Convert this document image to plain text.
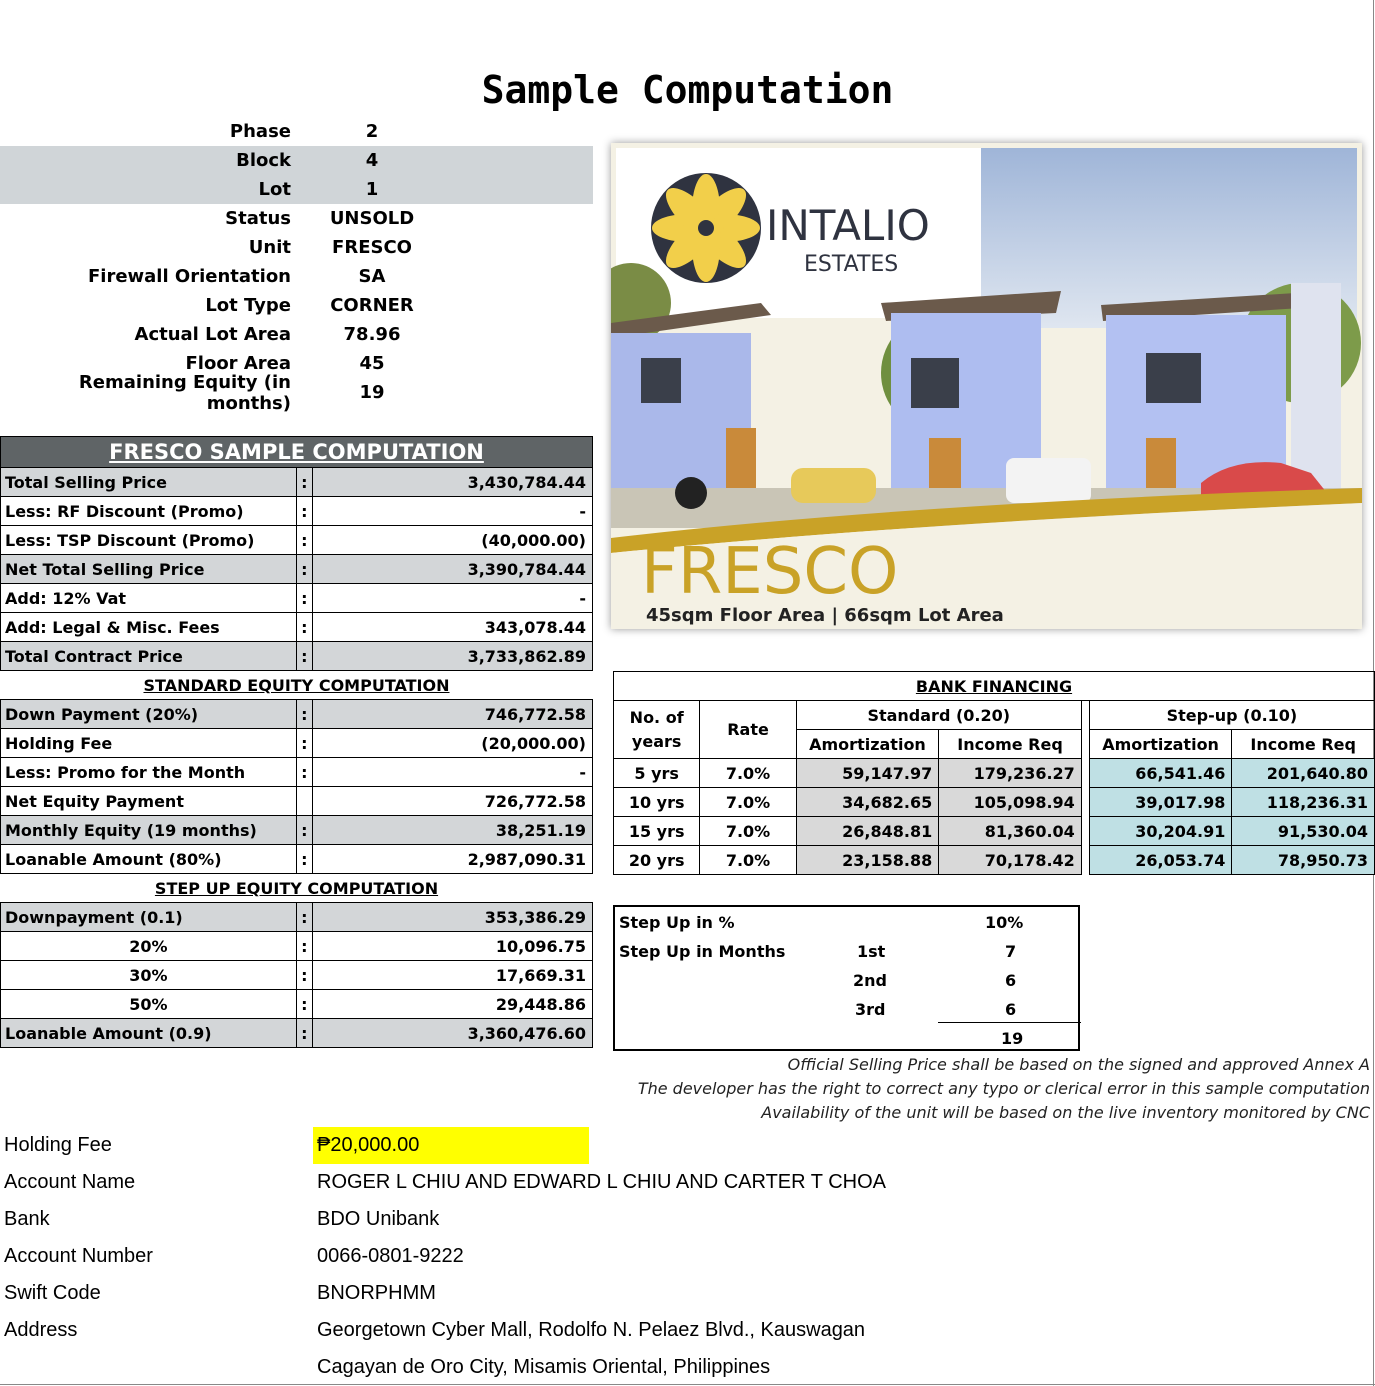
Sample Computation
Phase	2
Block	4
Lot	1
Status	UNSOLD
Unit	FRESCO
Firewall Orientation	SA
Lot Type	CORNER
Actual Lot Area	78.96
Floor Area	45
Remaining Equity (in months)	19
FRESCO SAMPLE COMPUTATION		
Total Selling Price	:	3,430,784.44
Less: RF Discount (Promo)	:	-
Less: TSP Discount (Promo)	:	(40,000.00)
Net Total Selling Price	:	3,390,784.44
Add: 12% Vat	:	-
Add: Legal & Misc. Fees	:	343,078.44
Total Contract Price	:	3,733,862.89
STANDARD EQUITY COMPUTATION		
Down Payment (20%)	:	746,772.58
Holding Fee	:	(20,000.00)
Less: Promo for the Month	:	-
Net Equity Payment		726,772.58
Monthly Equity (19 months)	:	38,251.19
Loanable Amount (80%)	:	2,987,090.31
STEP UP EQUITY COMPUTATION		
Downpayment (0.1)	:	353,386.29
20%	:	10,096.75
30%	:	17,669.31
50%	:	29,448.86
Loanable Amount (0.9)	:	3,360,476.60
INTALIO
ESTATES
FRESCO
45sqm Floor Area | 66sqm Lot Area
BANK FINANCING						
No. of years	Rate	Standard (0.20)			Step-up (0.10)	
		Amortization	Income Req		Amortization	Income Req
5 yrs	7.0%	59,147.97	179,236.27		66,541.46	201,640.80
10 yrs	7.0%	34,682.65	105,098.94		39,017.98	118,236.31
15 yrs	7.0%	26,848.81	81,360.04		30,204.91	91,530.04
20 yrs	7.0%	23,158.88	70,178.42		26,053.74	78,950.73
Step Up in %	10%
Step Up in Months	1st	7
2nd	6
3rd	6
19
Official Selling Price shall be based on the signed and approved Annex A
The developer has the right to correct any typo or clerical error in this sample computation
Availability of the unit will be based on the live inventory monitored by CNC
Holding Fee	₱20,000.00
Account Name	ROGER L CHIU AND EDWARD L CHIU AND CARTER T CHOA
Bank	BDO Unibank
Account Number	0066-0801-9222
Swift Code	BNORPHMM
Address	Georgetown Cyber Mall, Rodolfo N. Pelaez Blvd., Kauswagan
Cagayan de Oro City, Misamis Oriental, Philippines
